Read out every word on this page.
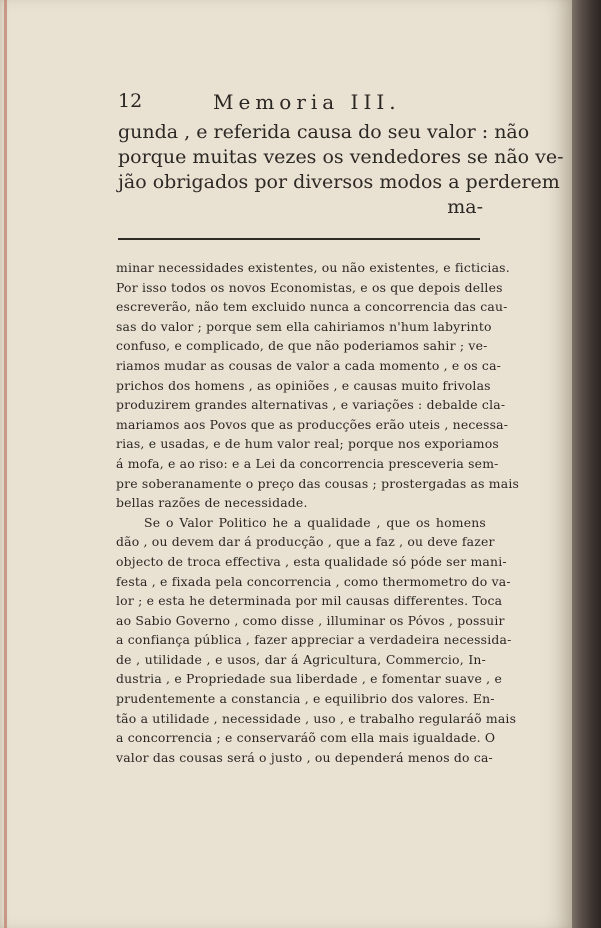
12	Memoria III.
gunda , e referida causa do seu valor : não
porque muitas vezes os vendedores se não ve-
jão obrigados por diversos modos a perderem
ma-
minar necessidades existentes, ou não existentes, e ficticias.
Por isso todos os novos Economistas, e os que depois delles
escreverão, não tem excluido nunca a concorrencia das cau-
sas do valor ; porque sem ella cahiriamos n'hum labyrinto
confuso, e complicado, de que não poderiamos sahir ; ve-
riamos mudar as cousas de valor a cada momento , e os ca-
prichos dos homens , as opiniões , e causas muito frivolas
produzirem grandes alternativas , e variações : debalde cla-
mariamos aos Povos que as producções erão uteis , necessa-
rias, e usadas, e de hum valor real; porque nos exporiamos
á mofa, e ao riso: e a Lei da concorrencia presceveria sem-
pre soberanamente o preço das cousas ; prostergadas as mais
bellas razões de necessidade.
Se o Valor Politico he a qualidade , que os homens
dão , ou devem dar á producção , que a faz , ou deve fazer
objecto de troca effectiva , esta qualidade só póde ser mani-
festa , e fixada pela concorrencia , como thermometro do va-
lor ; e esta he determinada por mil causas differentes. Toca
ao Sabio Governo , como disse , illuminar os Póvos , possuir
a confiança pública , fazer appreciar a verdadeira necessida-
de , utilidade , e usos, dar á Agricultura, Commercio, In-
dustria , e Propriedade sua liberdade , e fomentar suave , e
prudentemente a constancia , e equilibrio dos valores. En-
tão a utilidade , necessidade , uso , e trabalho regularáõ mais
a concorrencia ; e conservaráõ com ella mais igualdade. O
valor das cousas será o justo , ou dependerá menos do ca-
